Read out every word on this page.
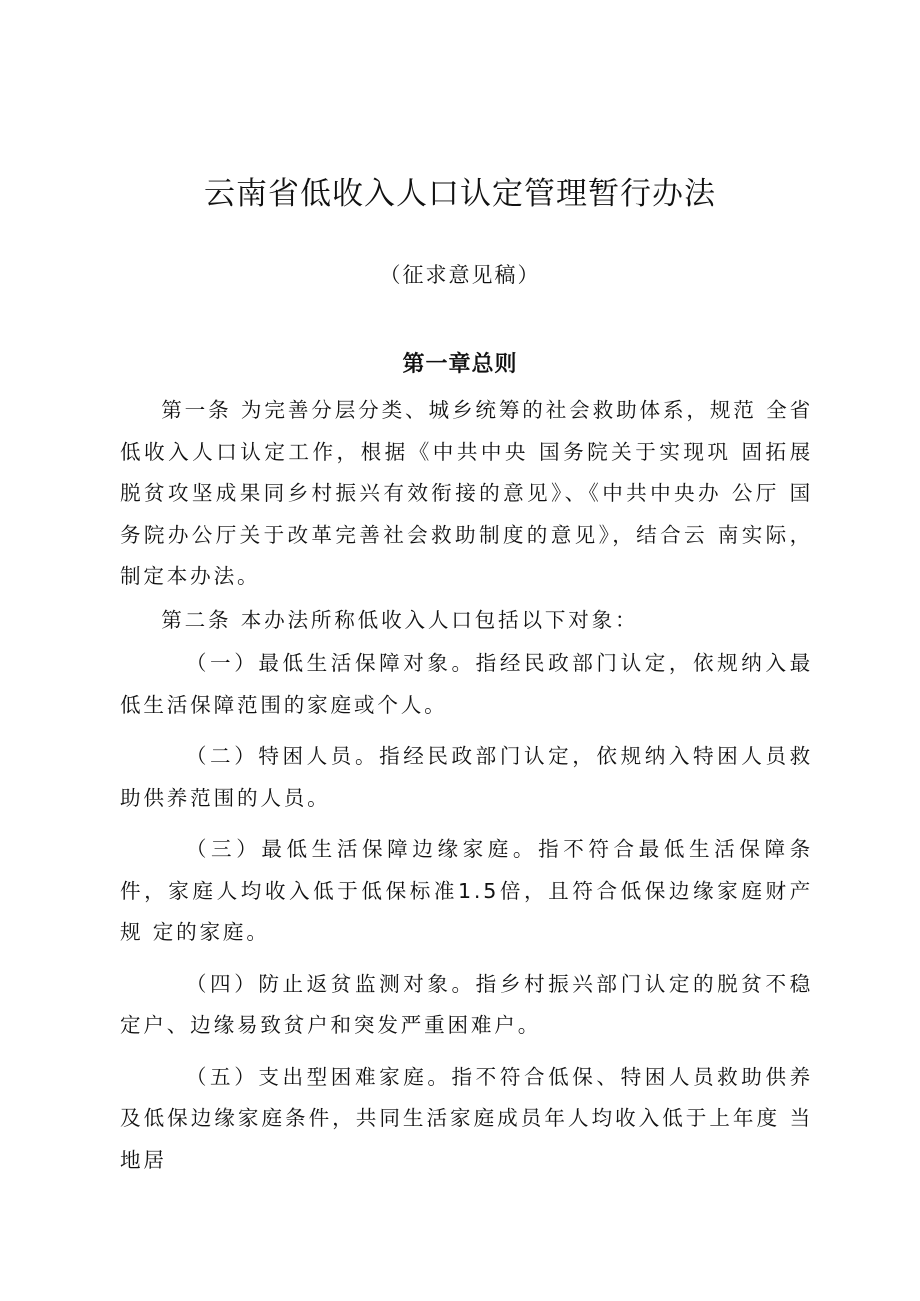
云南省低收入人口认定管理暂行办法
（征求意见稿）
第一章总则

第一条 为完善分层分类、城乡统筹的社会救助体系，规范 全省低收入人口认定工作，根据《中共中央 国务院关于实现巩 固拓展脱贫攻坚成果同乡村振兴有效衔接的意见》、《中共中央办 公厅 国务院办公厅关于改革完善社会救助制度的意见》，结合云 南实际，制定本办法。

第二条 本办法所称低收入人口包括以下对象：

（一）最低生活保障对象。指经民政部门认定，依规纳入最 低生活保障范围的家庭或个人。

（二）特困人员。指经民政部门认定，依规纳入特困人员救 助供养范围的人员。

（三）最低生活保障边缘家庭。指不符合最低生活保障条件，家庭人均收入低于低保标准1.5倍，且符合低保边缘家庭财产规 定的家庭。

（四）防止返贫监测对象。指乡村振兴部门认定的脱贫不稳 定户、边缘易致贫户和突发严重困难户。

（五）支出型困难家庭。指不符合低保、特困人员救助供养 及低保边缘家庭条件，共同生活家庭成员年人均收入低于上年度 当地居
